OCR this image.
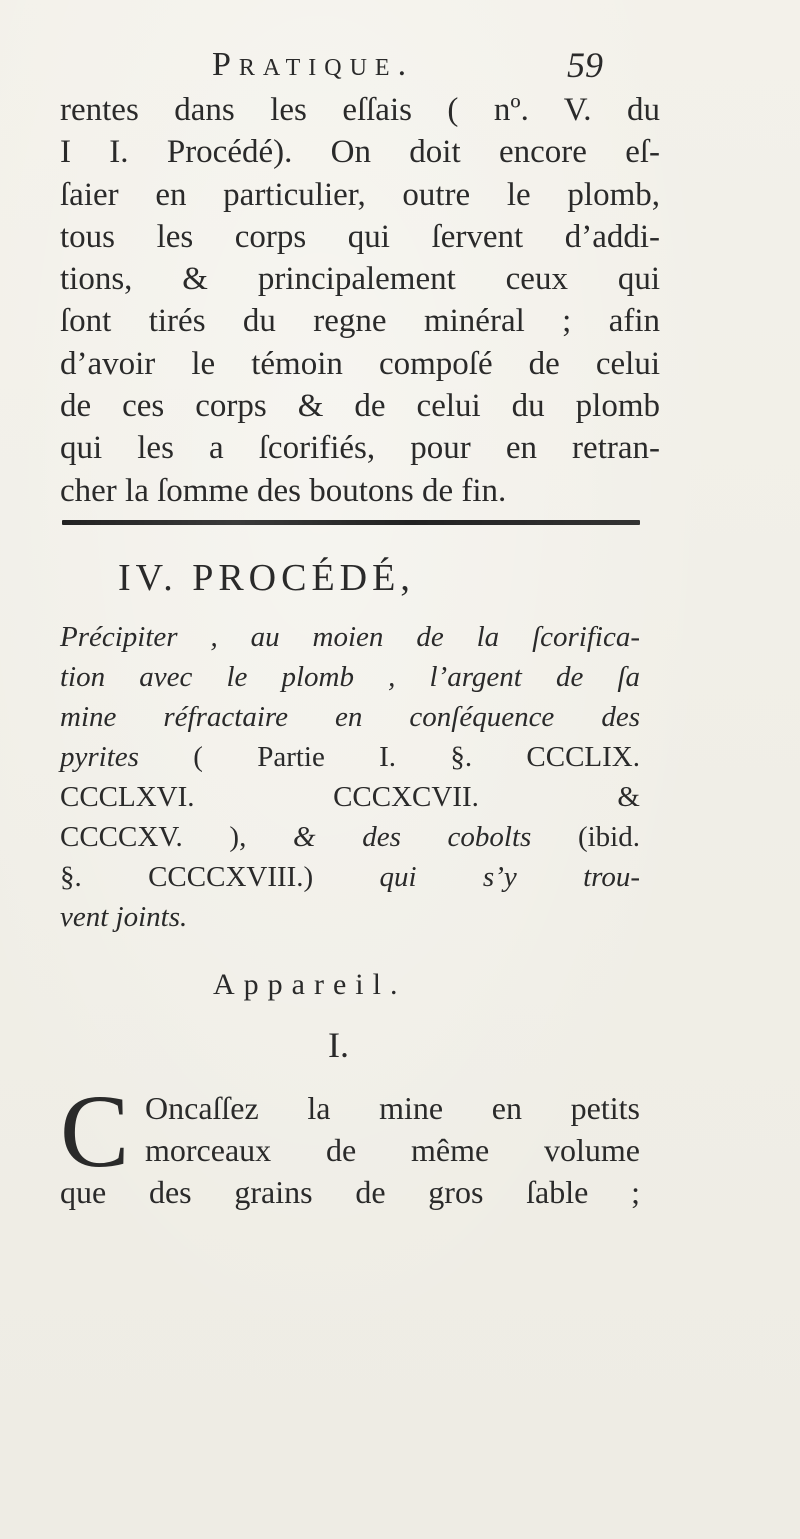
Pratique.	59
rentes dans les eſſais ( nº. V. du
I I. Procédé). On doit encore eſ-
ſaier en particulier, outre le plomb,
tous les corps qui ſervent d’addi-
tions, & principalement ceux qui
ſont tirés du regne minéral ; afin
d’avoir le témoin compoſé de celui
de ces corps & de celui du plomb
qui les a ſcorifiés, pour en retran-
cher la ſomme des boutons de fin.
IV. PROCÉDÉ,
Précipiter , au moien de la ſcorifica-
tion avec le plomb , l’argent de ſa
mine réfractaire en conſéquence des
pyrites ( Partie I. §. CCCLIX.
CCCLXVI. CCCXCVII. &
CCCCXV. ), & des cobolts (ibid.
§. CCCCXVIII.) qui s’y trou-
vent joints.
Appareil.
I.
C Oncaſſez la mine en petits
morceaux de même volume
que des grains de gros ſable ;
